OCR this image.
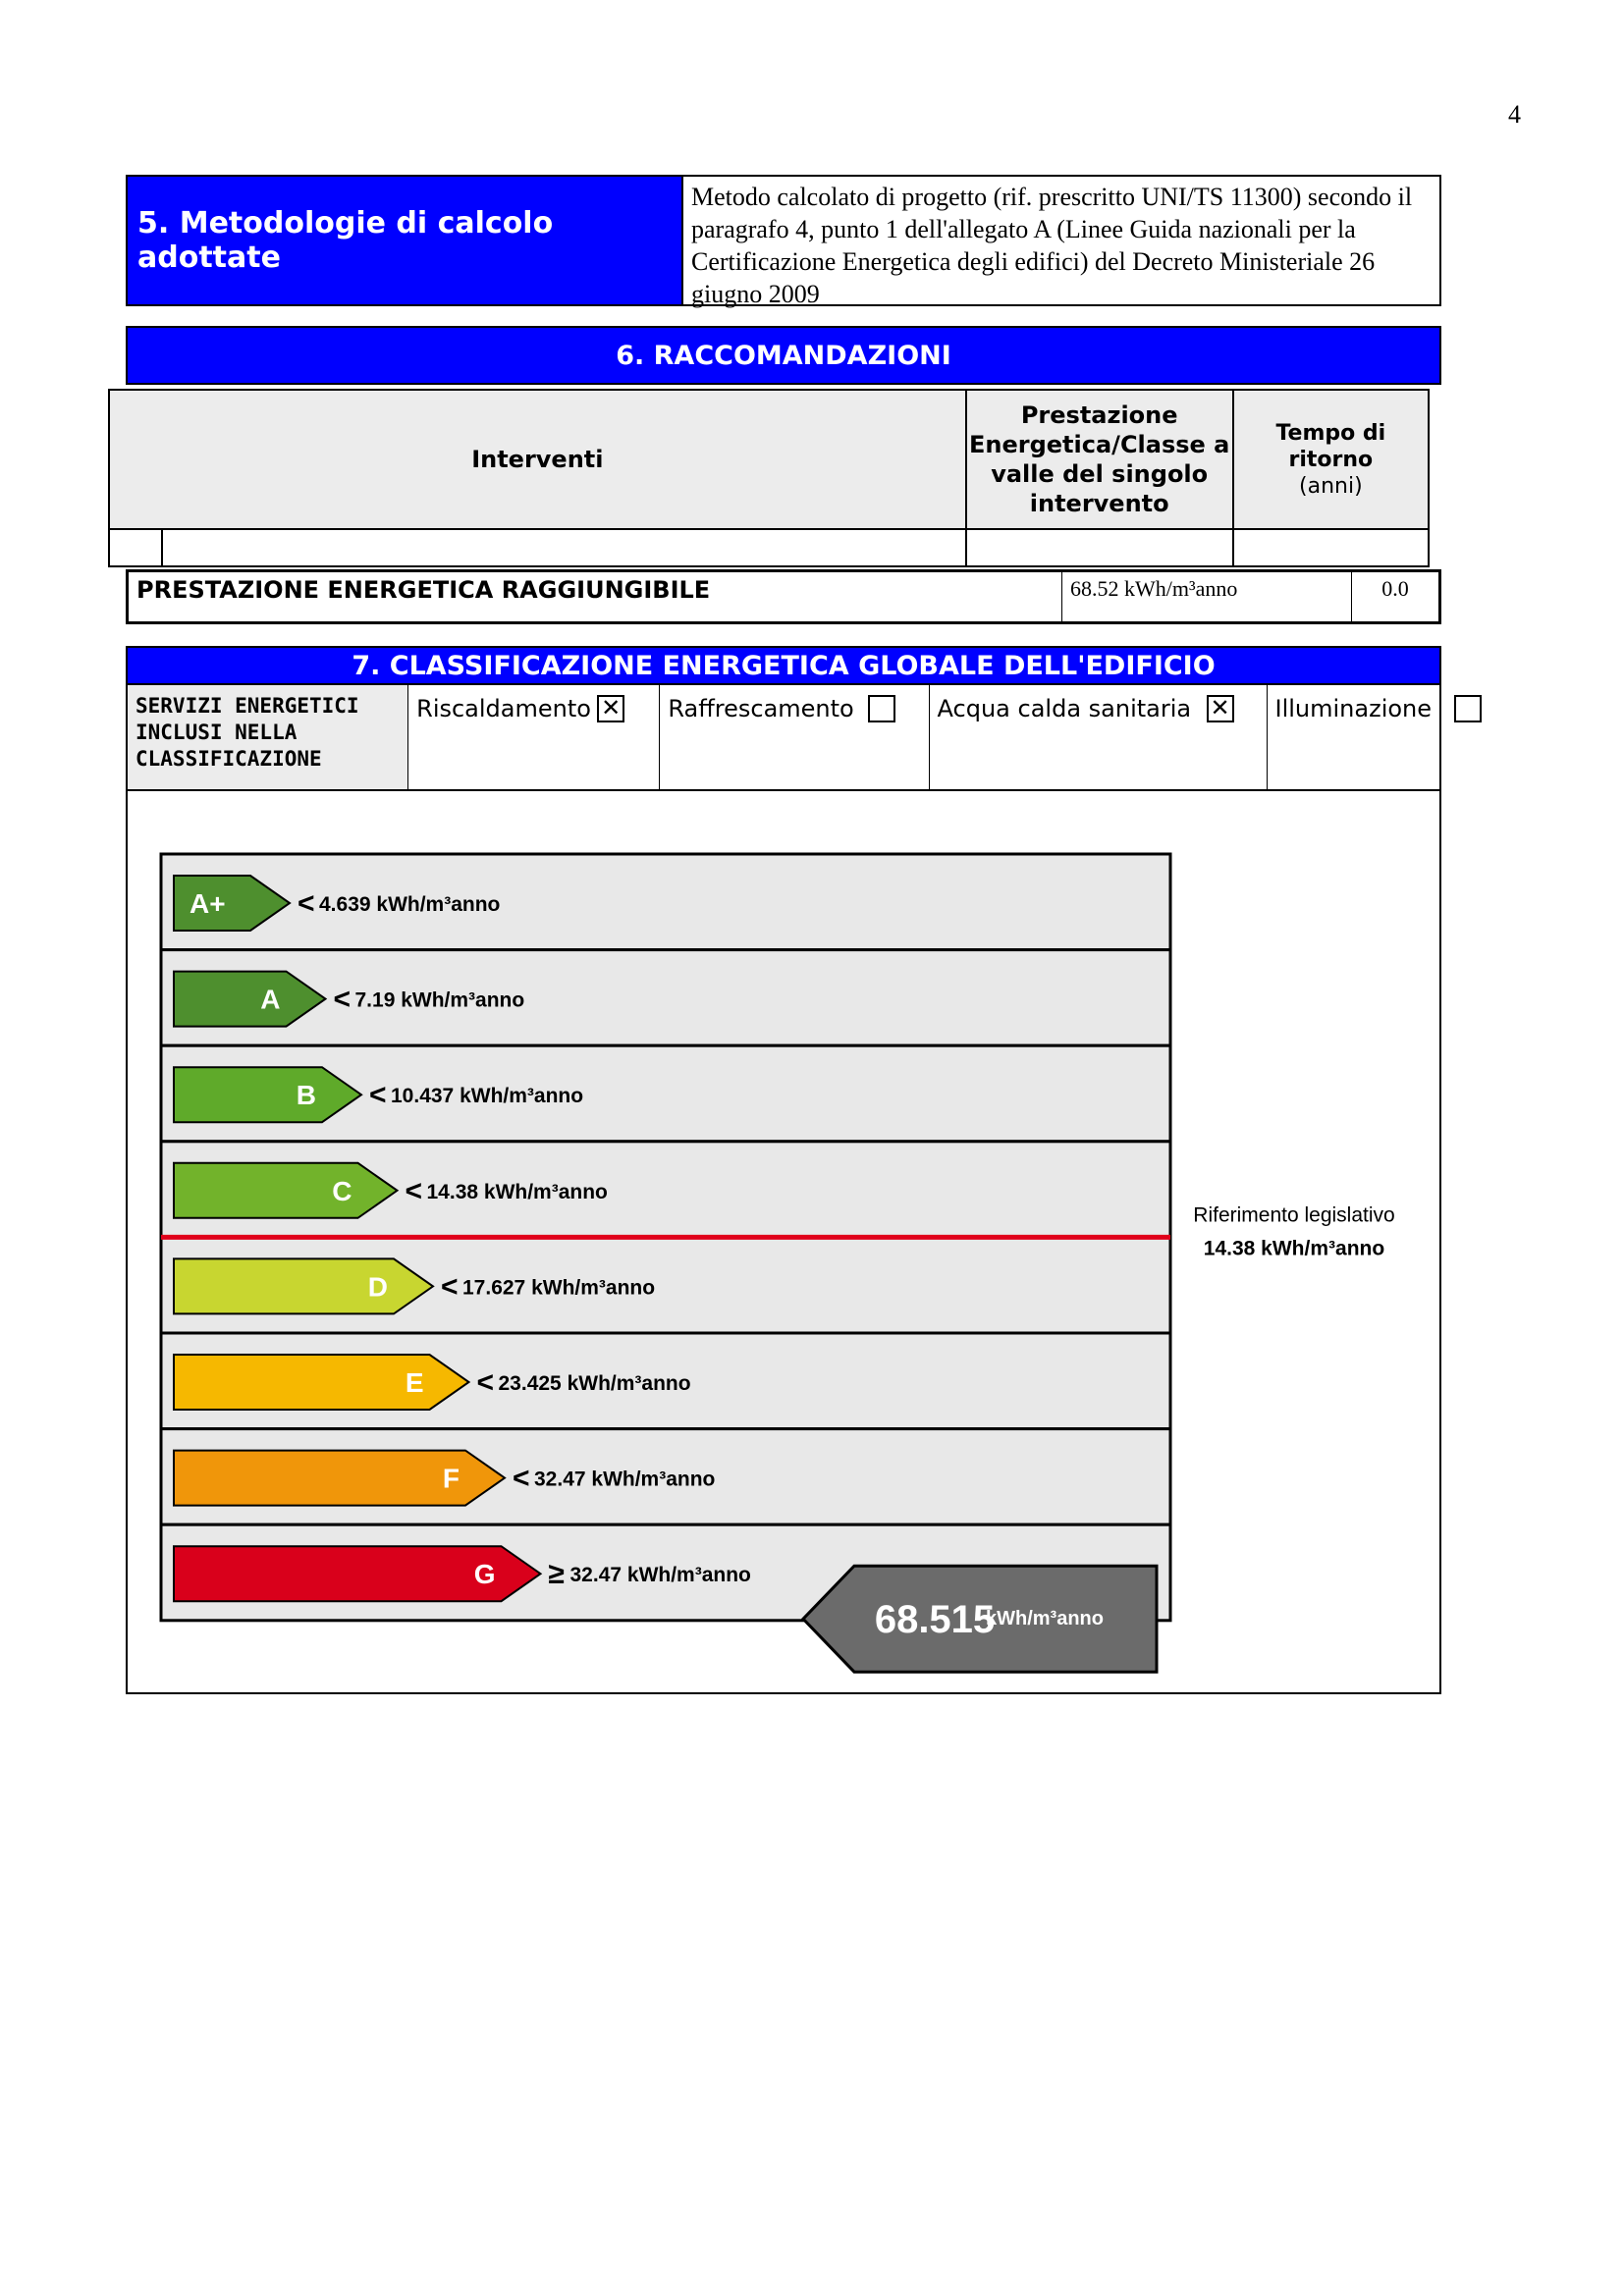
4
5. Metodologie di calcolo adottate
Metodo calcolato di progetto (rif. prescritto UNI/TS 11300) secondo il paragrafo 4, punto 1 dell'allegato A (Linee Guida nazionali per la Certificazione Energetica degli edifici) del Decreto Ministeriale 26 giugno 2009
6. RACCOMANDAZIONI
Interventi		Prestazione Energetica/Classe a valle del singolo intervento	Tempo di ritorno
(anni)

PRESTAZIONE ENERGETICA RAGGIUNGIBILE	68.52 kWh/m³anno	0.0
7. CLASSIFICAZIONE ENERGETICA GLOBALE DELL'EDIFICIO
SERVIZI ENERGETICI INCLUSI NELLA CLASSIFICAZIONE
Riscaldamento ✕	Raffrescamento	Acqua calda sanitaria ✕	Illuminazione
A+ < 4.639 kWh/m³anno
A < 7.19 kWh/m³anno
B < 10.437 kWh/m³anno
C < 14.38 kWh/m³anno
D < 17.627 kWh/m³anno
E < 23.425 kWh/m³anno
F < 32.47 kWh/m³anno
G ≥ 32.47 kWh/m³anno
Riferimento legislativo
14.38 kWh/m³anno
68.515
kWh/m³anno
